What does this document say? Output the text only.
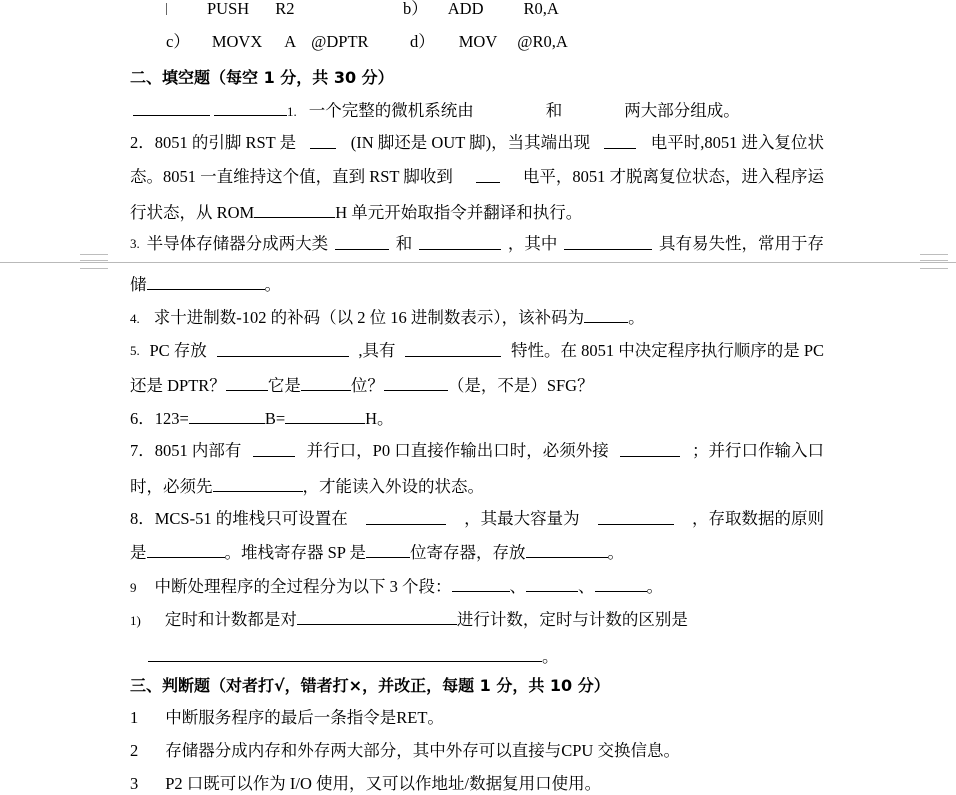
PUSH R2	b） ADD R0,A
c） MOVX A @DPTR	d） MOV @R0,A
二、填空题（每空 1 分，共 30 分）
1. 一个完整的微机系统由	和	两大部分组成。
2．8051 的引脚 RST 是	(IN 脚还是 OUT 脚)，当其端出现	电平时,8051 进入复位状
态。8051 一直维持这个值，直到 RST 脚收到	电平，8051 才脱离复位状态，进入程序运
行状态，从 ROM	H 单元开始取指令并翻译和执行。
3. 半导体存储器分成两大类	和	，其中	具有易失性，常用于存
储	。
4. 求十进制数-102 的补码（以 2 位 16 进制数表示），该补码为	。
5. PC 存放	,具有	特性。在 8051 中决定程序执行顺序的是 PC
还是 DPTR？	它是	位？	（是，不是）SFG？
6．123=	B=	H。
7．8051 内部有	并行口，P0 口直接作输出口时，必须外接	；并行口作输入口
时，必须先	，才能读入外设的状态。
8．MCS-51 的堆栈只可设置在	，其最大容量为	，存取数据的原则
是	。堆栈寄存器 SP 是	位寄存器，存放	。
9 中断处理程序的全过程分为以下 3 个段：	、	、	。
1) 定时和计数都是对	进行计数，定时与计数的区别是
。
三、判断题（对者打√，错者打×，并改正，每题 1 分，共 10 分）
1 中断服务程序的最后一条指令是RET。
2 存储器分成内存和外存两大部分，其中外存可以直接与CPU 交换信息。
3 P2 口既可以作为 I/O 使用，又可以作地址/数据复用口使用。
